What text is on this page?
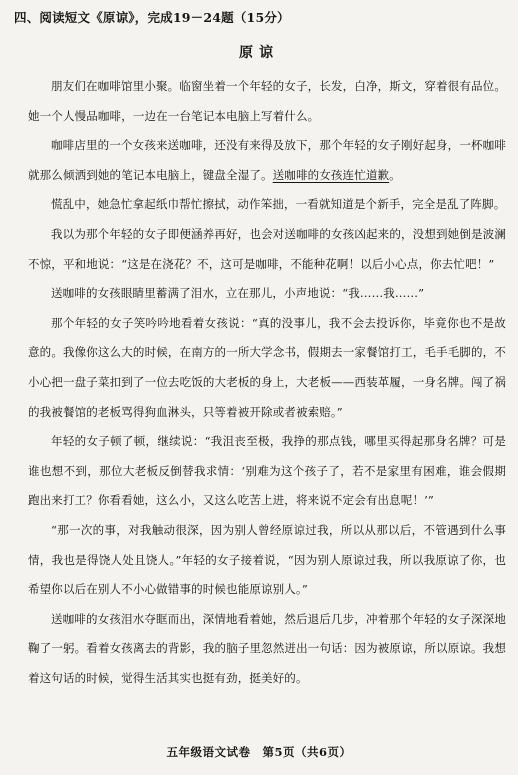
四、阅读短文《原谅》，完成19－24题（15分）
原谅

朋友们在咖啡馆里小聚。临窗坐着一个年轻的女子，长发，白净，斯文，穿着很有品位。她一个人慢品咖啡，一边在一台笔记本电脑上写着什么。

咖啡店里的一个女孩来送咖啡，还没有来得及放下，那个年轻的女子刚好起身，一杯咖啡就那么倾洒到她的笔记本电脑上，键盘全湿了。送咖啡的女孩连忙道歉。

慌乱中，她急忙拿起纸巾帮忙擦拭，动作笨拙，一看就知道是个新手，完全是乱了阵脚。

我以为那个年轻的女子即便涵养再好，也会对送咖啡的女孩凶起来的，没想到她倒是波澜不惊，平和地说：“这是在浇花？不，这可是咖啡，不能种花啊！以后小心点，你去忙吧！”

送咖啡的女孩眼睛里蓄满了泪水，立在那儿，小声地说：“我……我……”

那个年轻的女子笑吟吟地看着女孩说：“真的没事儿，我不会去投诉你，毕竟你也不是故意的。我像你这么大的时候，在南方的一所大学念书，假期去一家餐馆打工，毛手毛脚的，不小心把一盘子菜扣到了一位去吃饭的大老板的身上，大老板——西装革履，一身名牌。闯了祸的我被餐馆的老板骂得狗血淋头，只等着被开除或者被索赔。”

年轻的女子顿了顿，继续说：“我沮丧至极，我挣的那点钱，哪里买得起那身名牌？可是谁也想不到，那位大老板反倒替我求情：‘别难为这个孩子了，若不是家里有困难，谁会假期跑出来打工？你看看她，这么小，又这么吃苦上进，将来说不定会有出息呢！’”

“那一次的事，对我触动很深，因为别人曾经原谅过我，所以从那以后，不管遇到什么事情，我也是得饶人处且饶人。”年轻的女子接着说，“因为别人原谅过我，所以我原谅了你，也希望你以后在别人不小心做错事的时候也能原谅别人。”

送咖啡的女孩泪水夺眶而出，深情地看着她，然后退后几步，冲着那个年轻的女子深深地鞠了一躬。看着女孩离去的背影，我的脑子里忽然迸出一句话：因为被原谅，所以原谅。我想着这句话的时候，觉得生活其实也挺有劲，挺美好的。

五年级语文试卷　第5页（共6页）
